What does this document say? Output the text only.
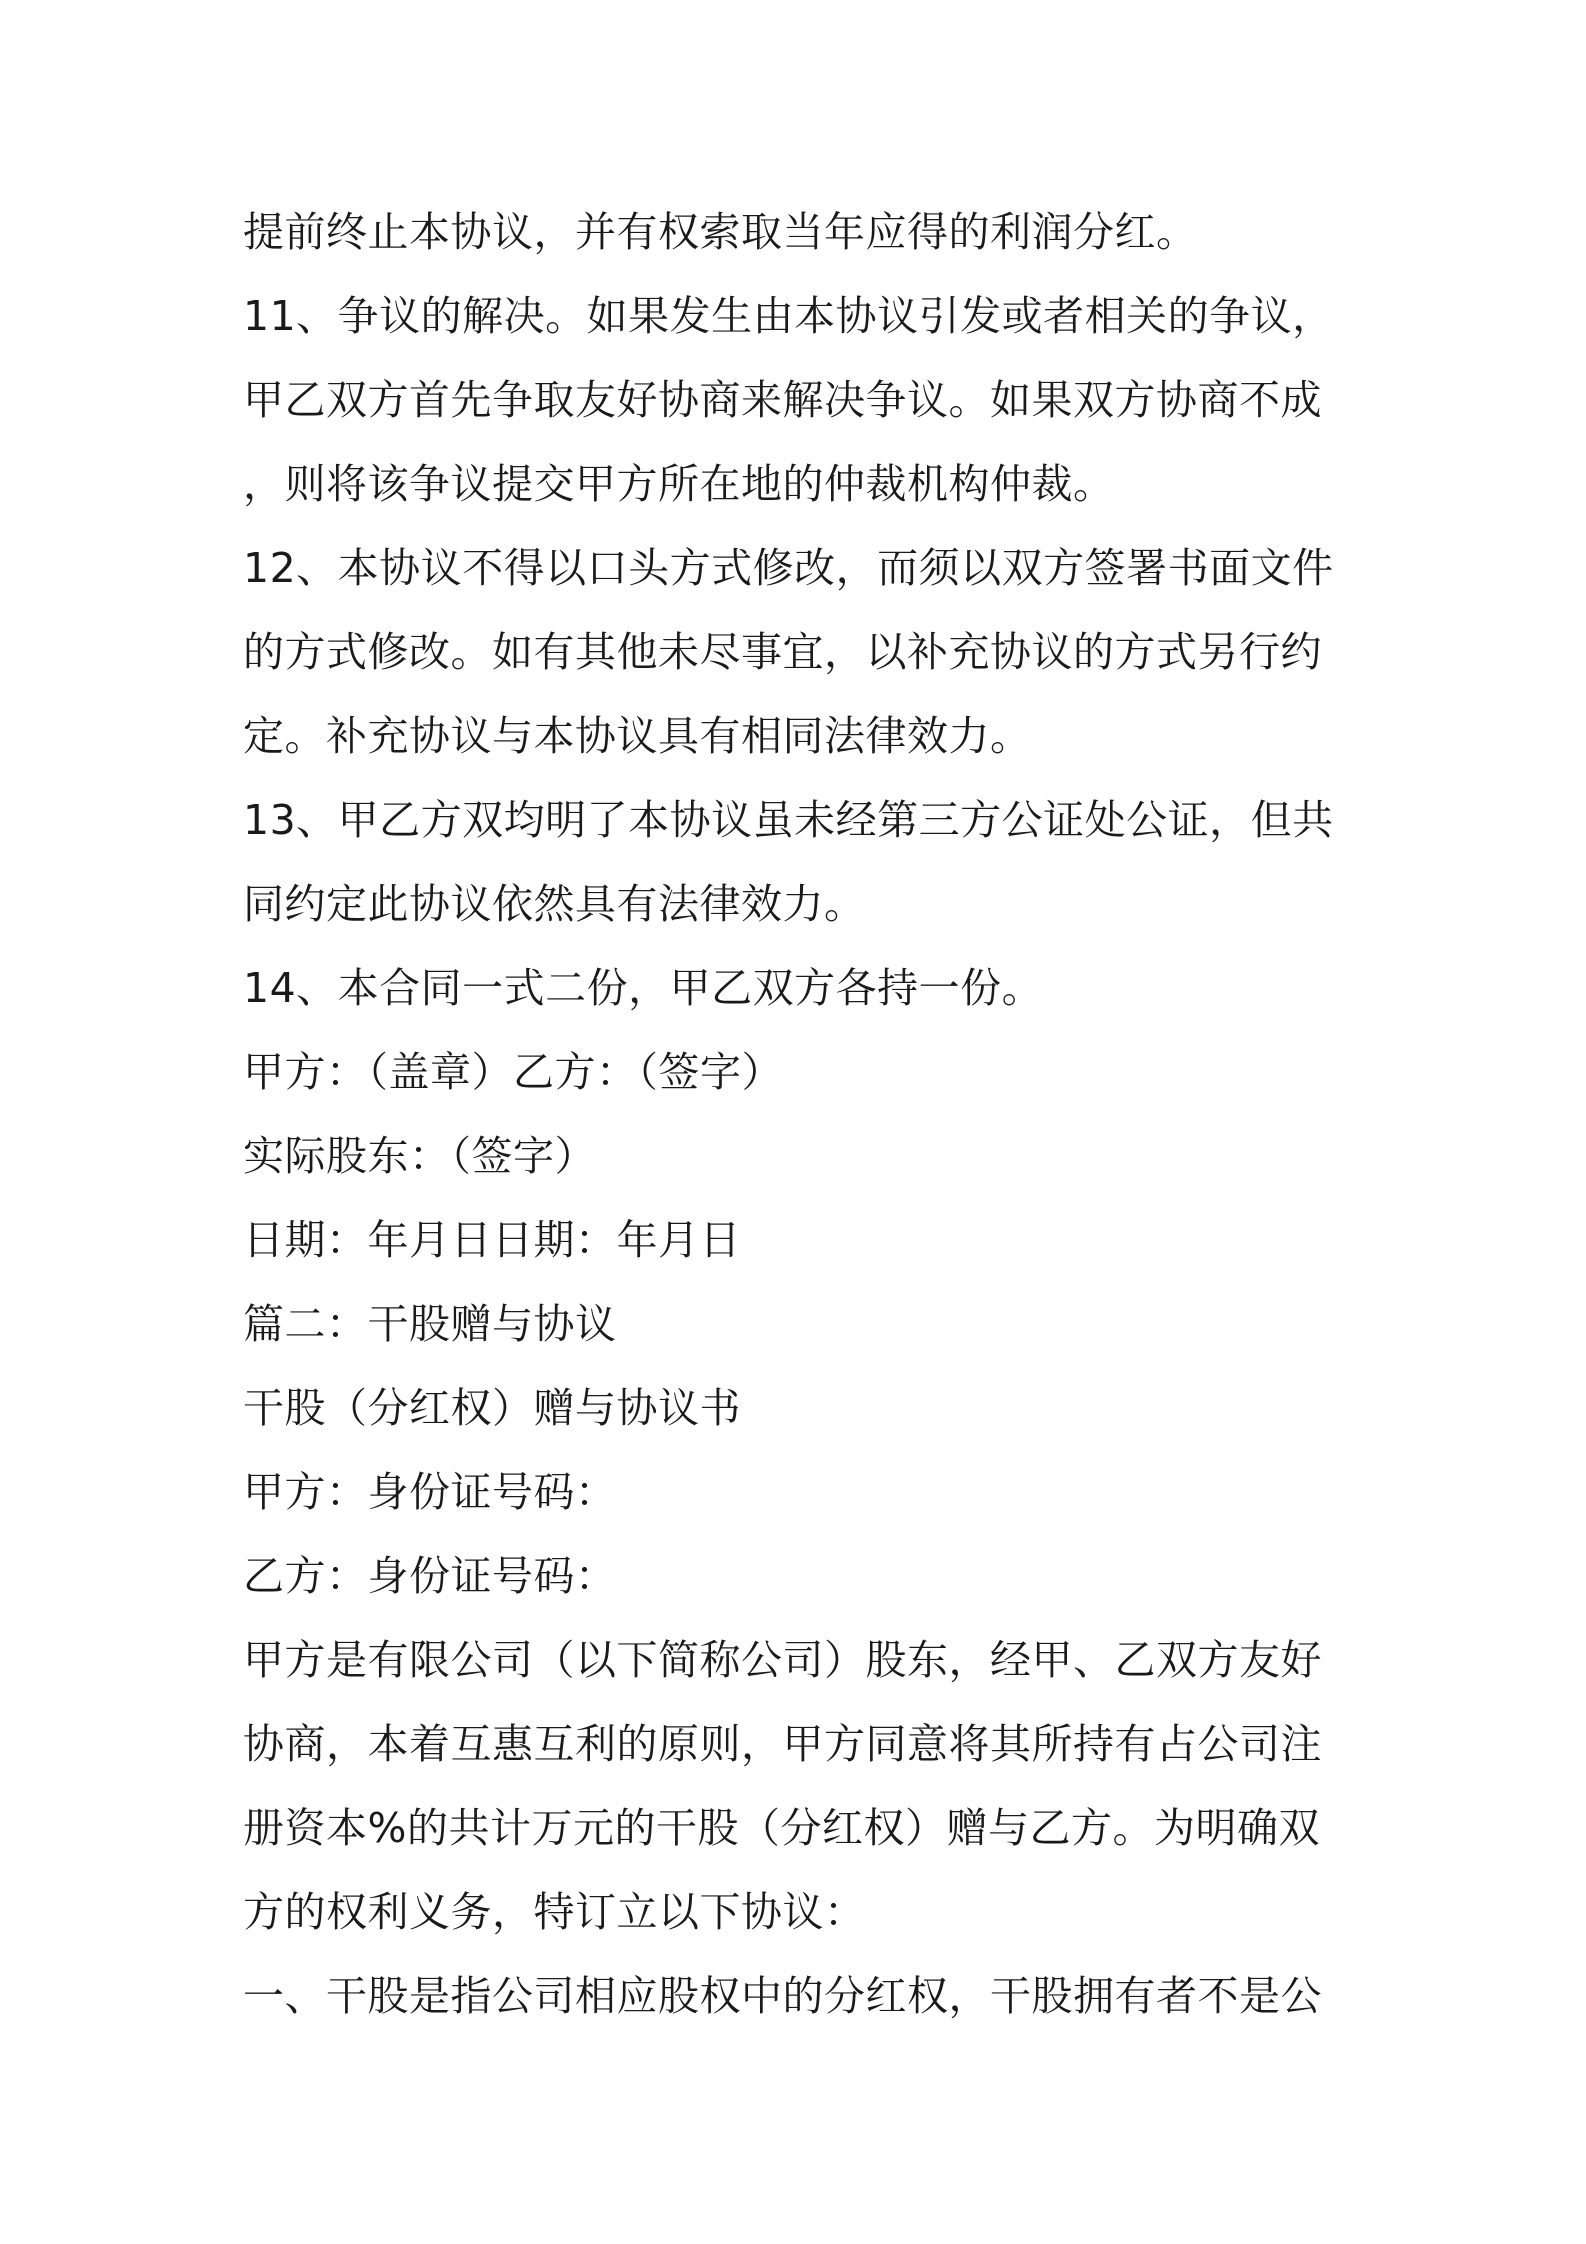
提前终止本协议，并有权索取当年应得的利润分红。
11、争议的解决。如果发生由本协议引发或者相关的争议，
甲乙双方首先争取友好协商来解决争议。如果双方协商不成
，则将该争议提交甲方所在地的仲裁机构仲裁。
12、本协议不得以口头方式修改，而须以双方签署书面文件
的方式修改。如有其他未尽事宜，以补充协议的方式另行约
定。补充协议与本协议具有相同法律效力。
13、甲乙方双均明了本协议虽未经第三方公证处公证，但共
同约定此协议依然具有法律效力。
14、本合同一式二份，甲乙双方各持一份。
甲方：（盖章）乙方：（签字）
实际股东：（签字）
日期：年月日日期：年月日
篇二：干股赠与协议
干股（分红权）赠与协议书
甲方：身份证号码：
乙方：身份证号码：
甲方是有限公司（以下简称公司）股东，经甲、乙双方友好
协商，本着互惠互利的原则，甲方同意将其所持有占公司注
册资本%的共计万元的干股（分红权）赠与乙方。为明确双
方的权利义务，特订立以下协议：
一、干股是指公司相应股权中的分红权，干股拥有者不是公
